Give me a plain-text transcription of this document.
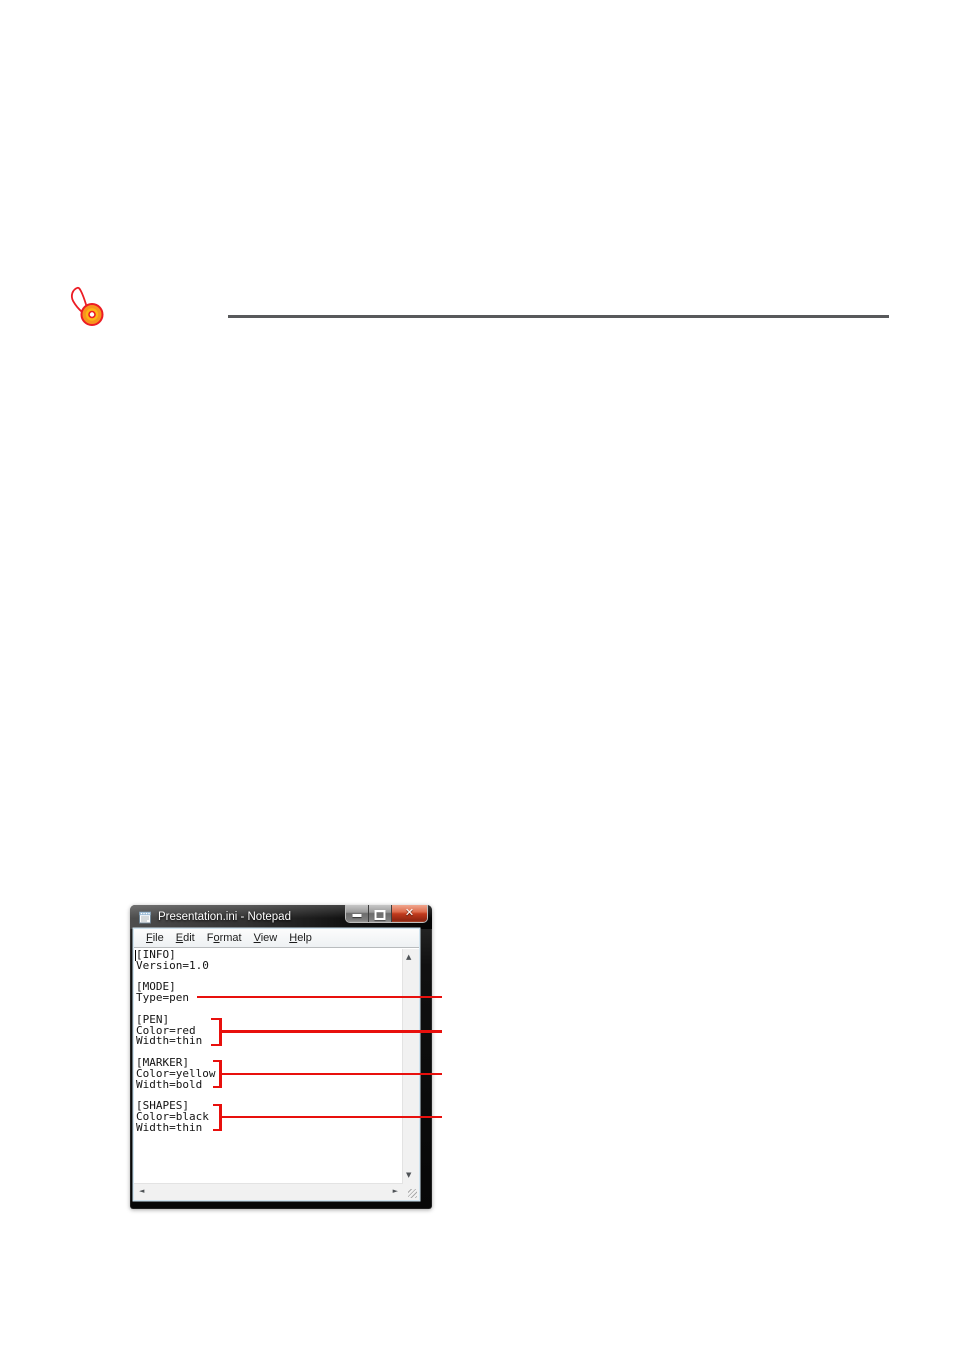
Presentation.ini - Notepad	✕
File	Edit	Format	View	Help
[INFO]
Version=1.0
[MODE]
Type=pen
[PEN]
Color=red
Width=thin
[MARKER]
Color=yellow
Width=bold
[SHAPES]
Color=black
Width=thin
▲
▼
◄	►
